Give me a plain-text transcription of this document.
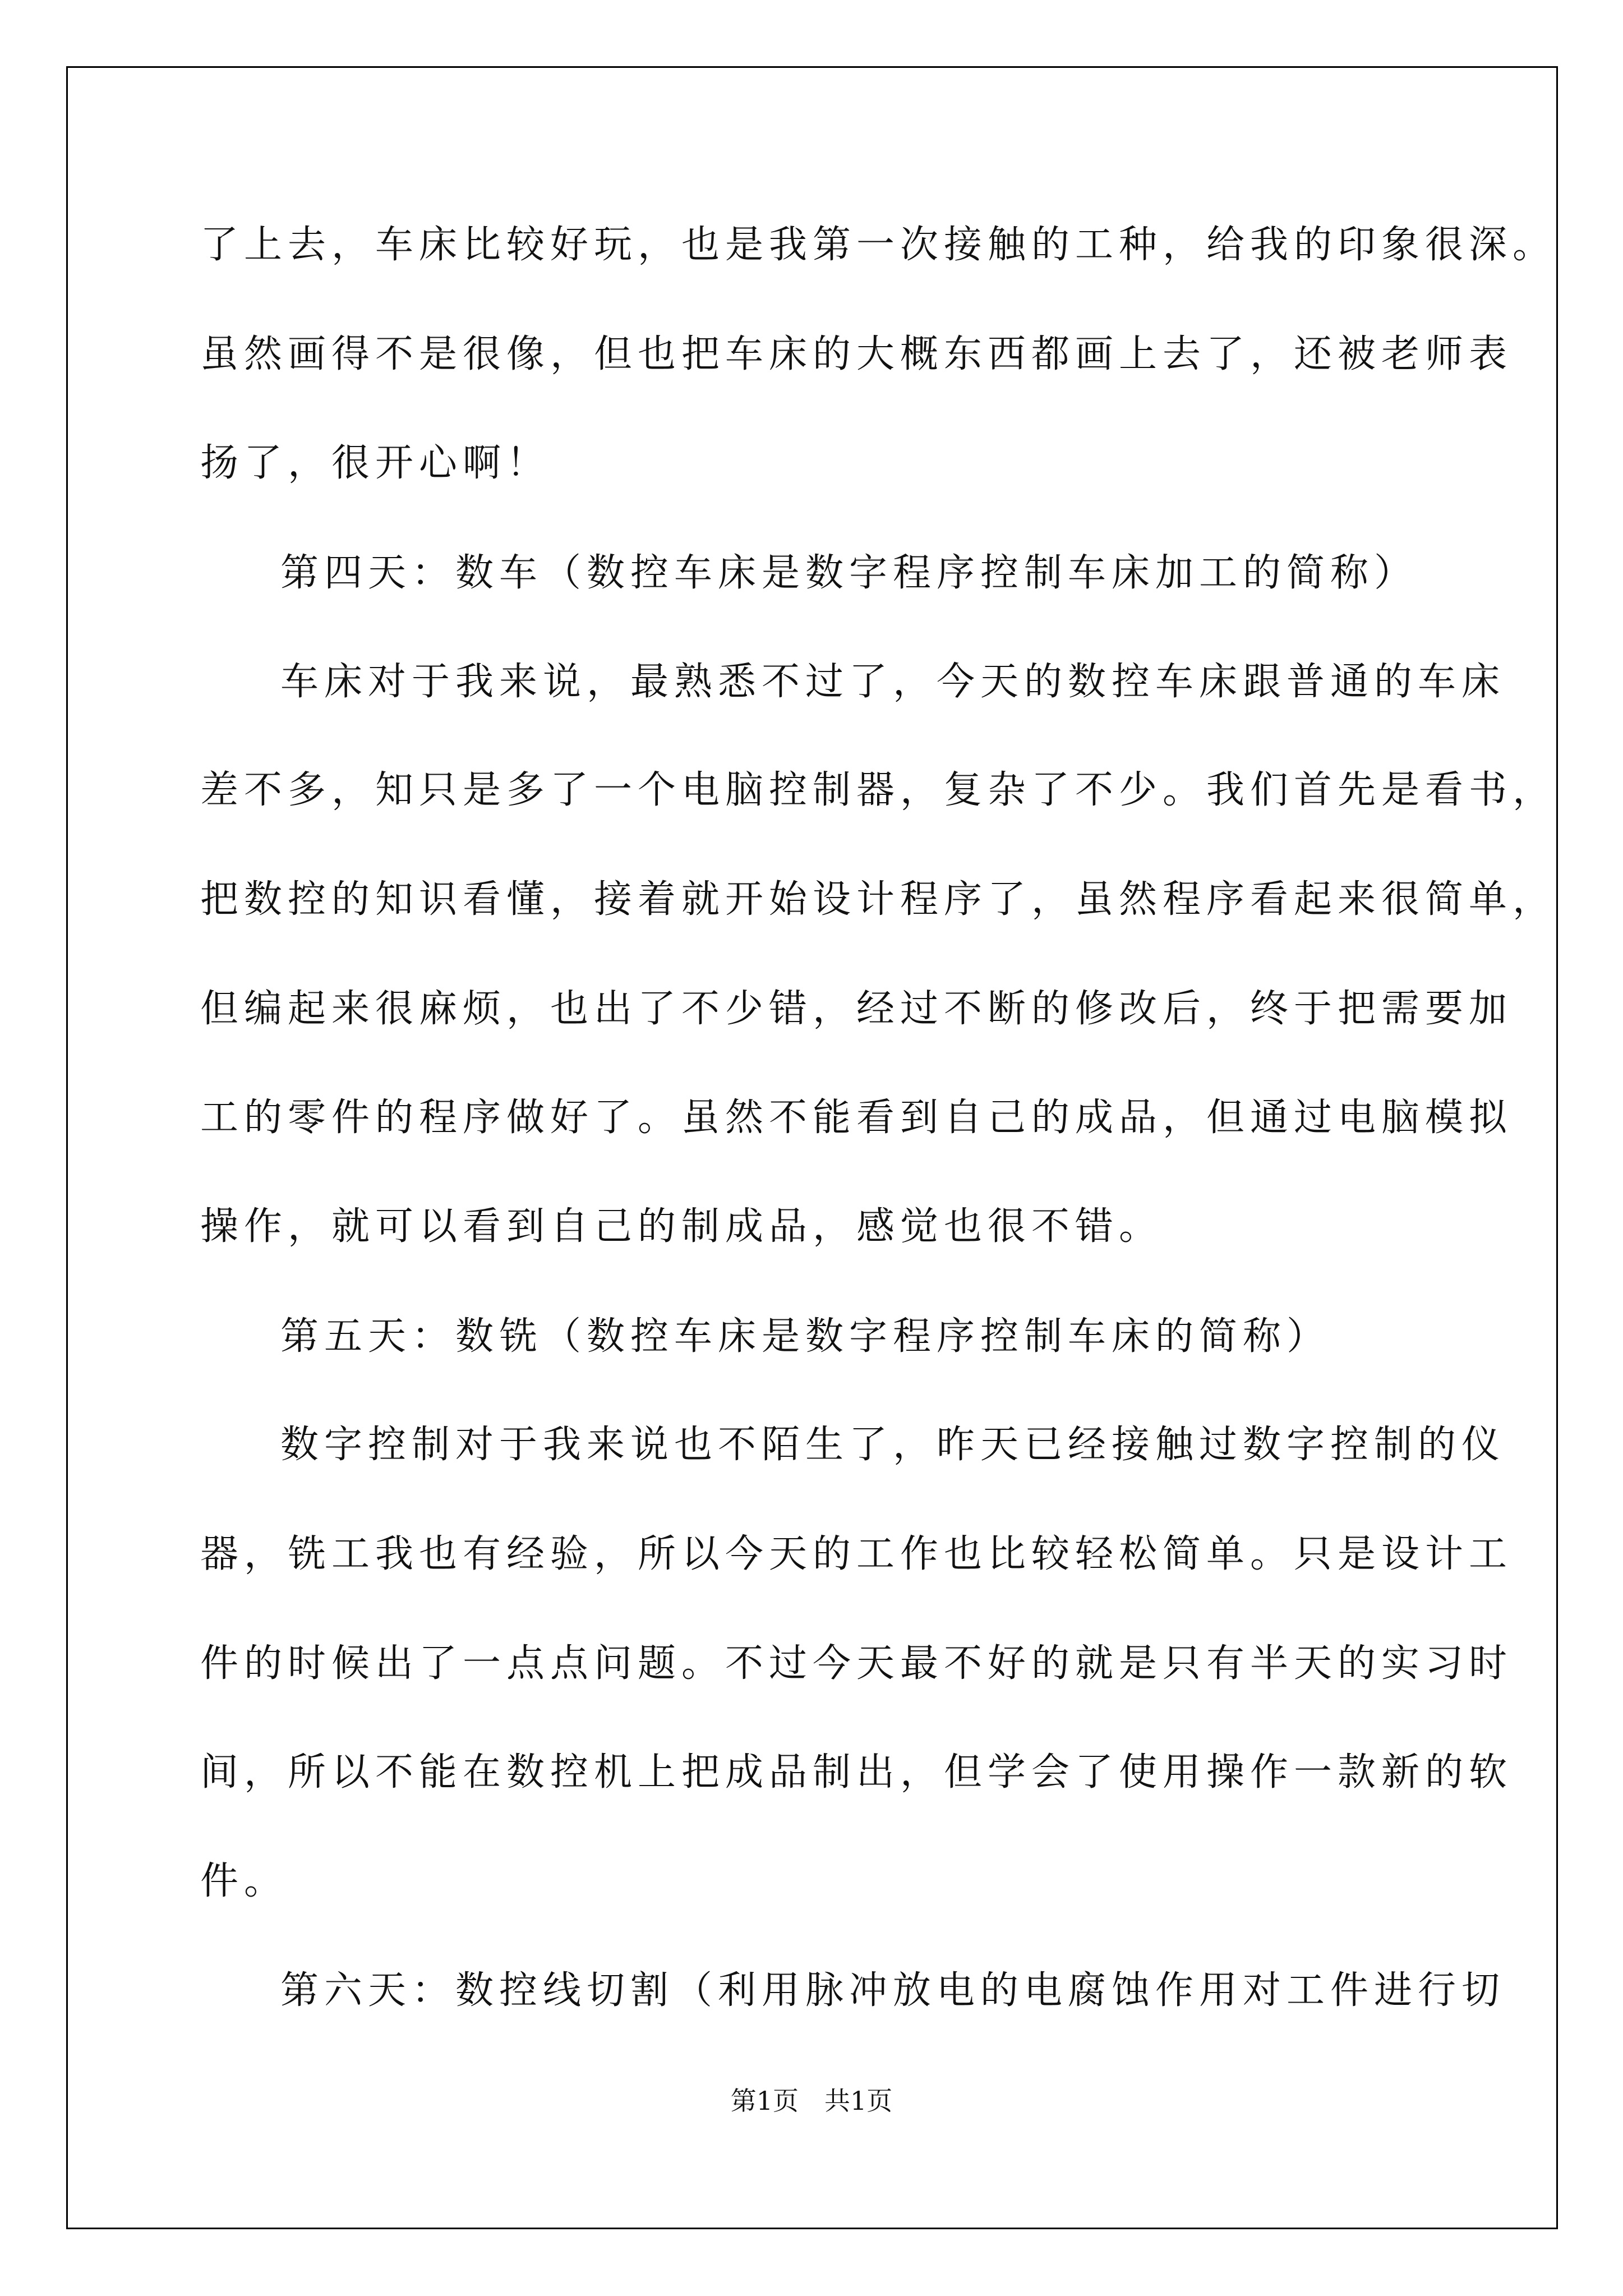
了上去，车床比较好玩，也是我第一次接触的工种，给我的印象很深。

虽然画得不是很像，但也把车床的大概东西都画上去了，还被老师表

扬了，很开心啊！

第四天：数车（数控车床是数字程序控制车床加工的简称）

车床对于我来说，最熟悉不过了，今天的数控车床跟普通的车床

差不多，知只是多了一个电脑控制器，复杂了不少。我们首先是看书，

把数控的知识看懂，接着就开始设计程序了，虽然程序看起来很简单，

但编起来很麻烦，也出了不少错，经过不断的修改后，终于把需要加

工的零件的程序做好了。虽然不能看到自己的成品，但通过电脑模拟

操作，就可以看到自己的制成品，感觉也很不错。

第五天：数铣（数控车床是数字程序控制车床的简称）

数字控制对于我来说也不陌生了，昨天已经接触过数字控制的仪

器，铣工我也有经验，所以今天的工作也比较轻松简单。只是设计工

件的时候出了一点点问题。不过今天最不好的就是只有半天的实习时

间，所以不能在数控机上把成品制出，但学会了使用操作一款新的软

件。

第六天：数控线切割（利用脉冲放电的电腐蚀作用对工件进行切

第1页 共1页
